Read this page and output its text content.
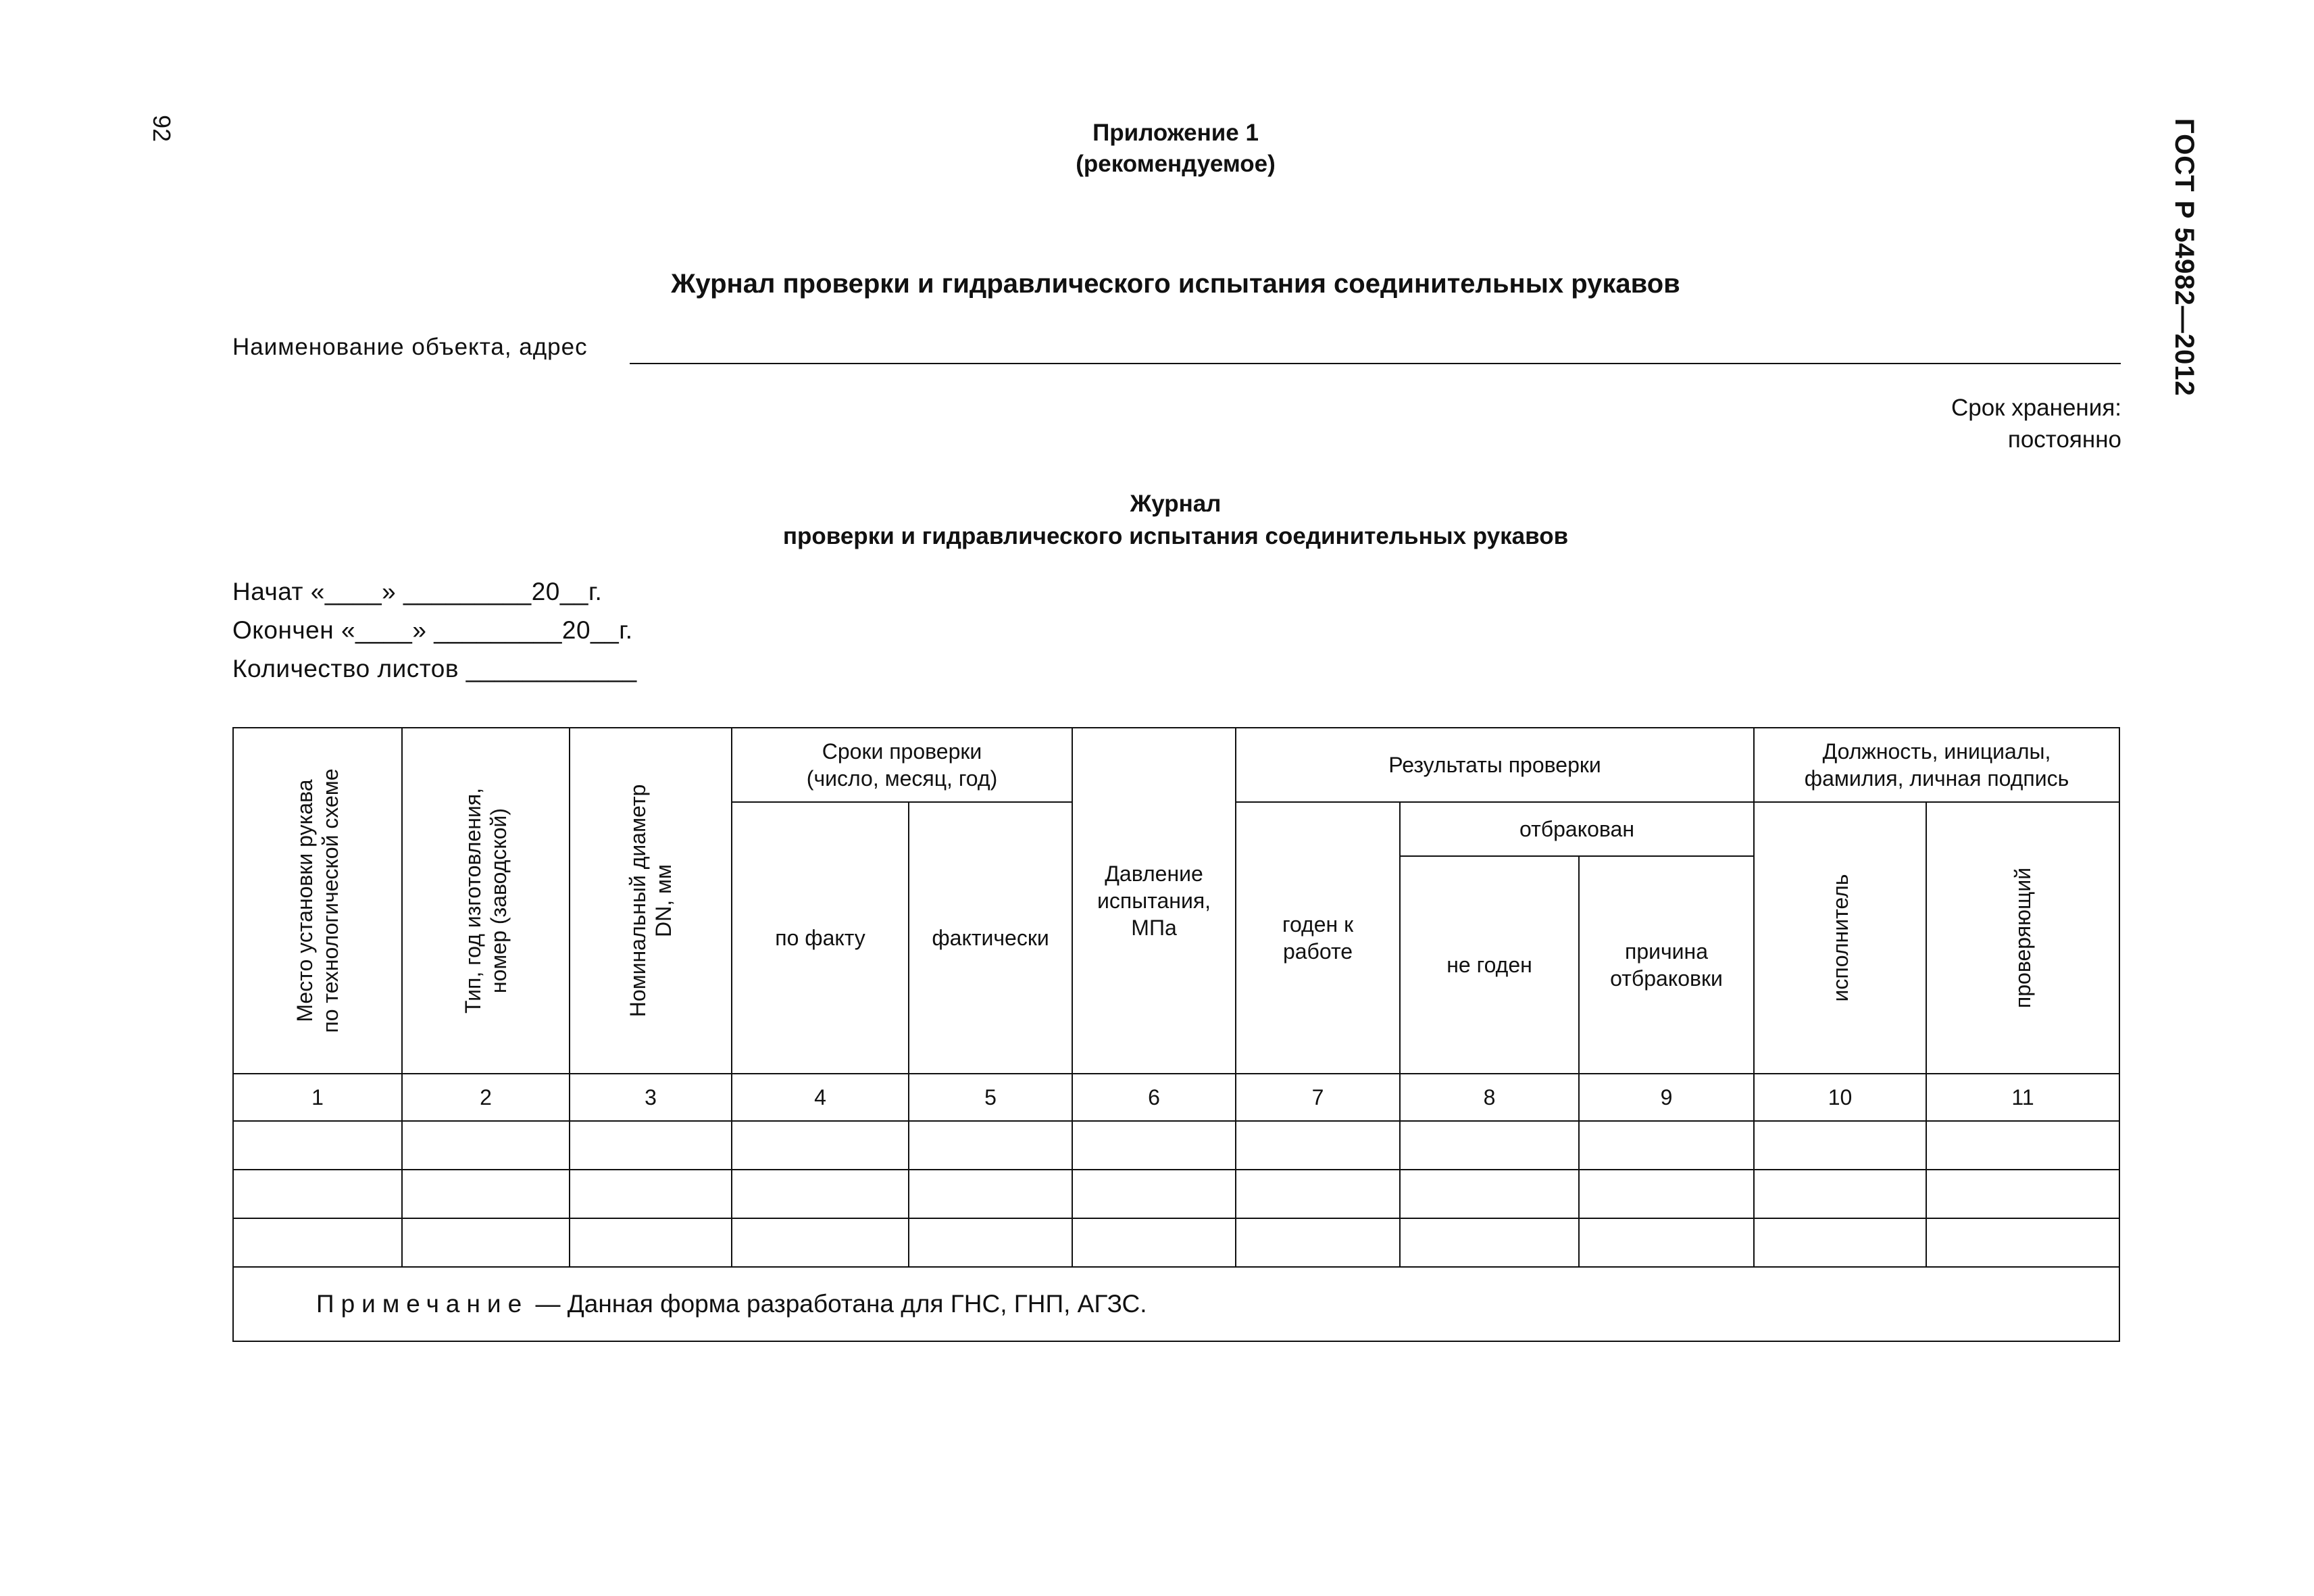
92	ГОСТ Р 54982—2012
Приложение 1
(рекомендуемое)
Журнал проверки и гидравлического испытания соединительных рукавов
Наименование объекта, адрес
Срок хранения:
постоянно
Журнал
проверки и гидравлического испытания соединительных рукавов
Начат «____» _________20__г.
Окончен «____» _________20__г.
Количество листов ____________
Место установки рукава по технологической схеме	Тип, год изготовления, номер (заводской)	Номинальный диаметр DN, мм	Сроки проверки (число, месяц, год)		Давление испытания, МПа	Результаты проверки			Должность, инициалы, фамилия, личная подпись	

			по факту	фактически		годен к работе	отбракован		исполнитель	проверяющий

							не годен	причина отбраковки		

1	2	3	4	5	6	7	8	9	10	11

Примечание — Данная форма разработана для ГНС, ГНП, АГЗС.										
